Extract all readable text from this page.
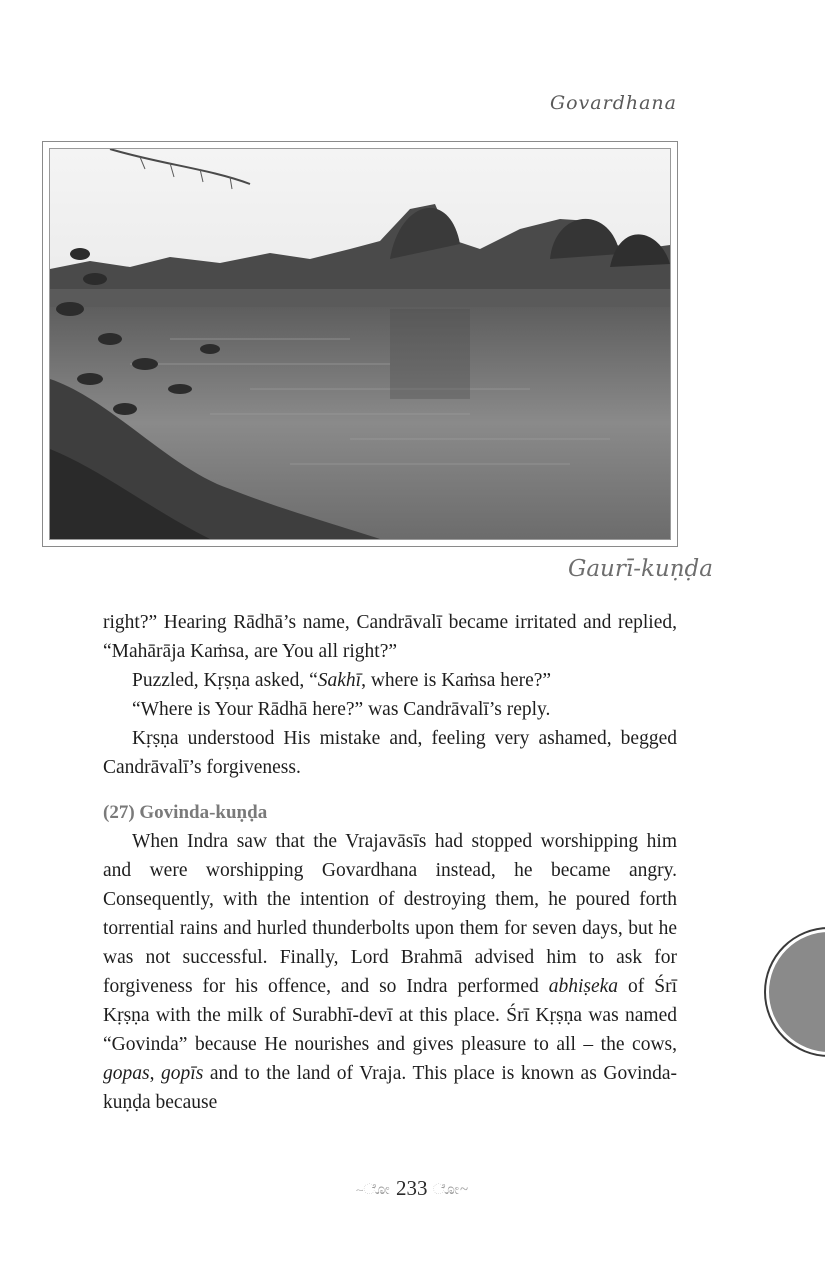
Govardhana
Gaurī-kuṇḍa

right?” Hearing Rādhā’s name, Candrāvalī became irritated and replied, “Mahārāja Kaṁsa, are You all right?”

Puzzled, Kṛṣṇa asked, “Sakhī, where is Kaṁsa here?”

“Where is Your Rādhā here?” was Candrāvalī’s reply.

Kṛṣṇa understood His mistake and, feeling very ashamed, begged Candrāvalī’s forgiveness.

(27) Govinda-kuṇḍa

When Indra saw that the Vrajavāsīs had stopped worshipping him and were worshipping Govardhana instead, he became angry. Consequently, with the intention of destroying them, he poured forth torrential rains and hurled thunderbolts upon them for seven days, but he was not successful. Finally, Lord Brahmā advised him to ask for forgiveness for his offence, and so Indra performed abhiṣeka of Śrī Kṛṣṇa with the milk of Surabhī-devī at this place. Śrī Kṛṣṇa was named “Govinda” because He nourishes and gives pleasure to all – the cows, gopas, gopīs and to the land of Vraja. This place is known as Govinda-kuṇḍa because

~ೋ 233 ೋ~
